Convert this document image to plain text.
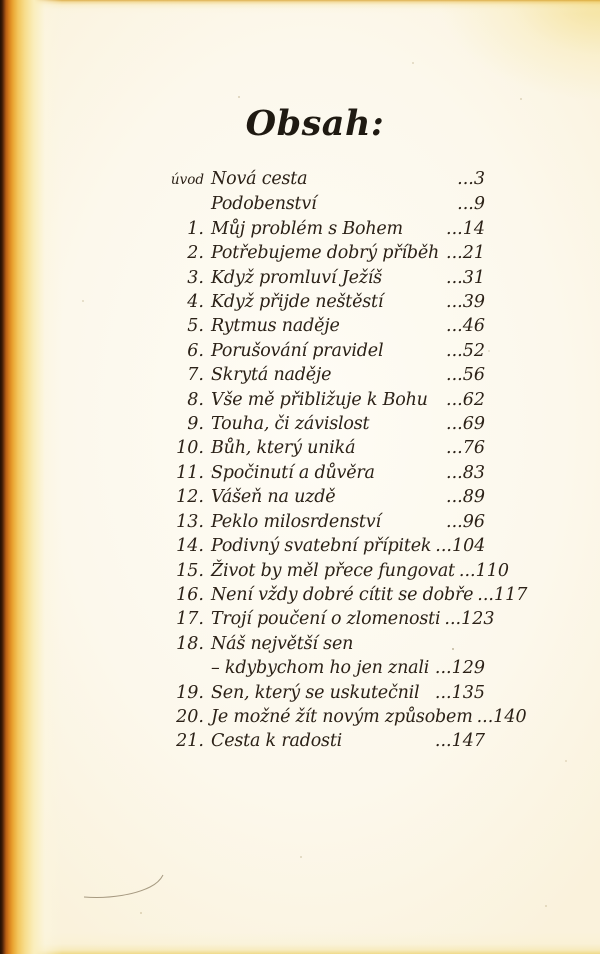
Obsah:
úvod Nová cesta	...3
Podobenství	...9
1. Můj problém s Bohem ...14
2. Potřebujeme dobrý příběh ...21
3. Když promluví Ježíš	...31
4. Když přijde neštěstí	...39
5. Rytmus naděje	...46
6. Porušování pravidel	...52
7. Skrytá naděje	...56
8. Vše mě přibližuje k Bohu ...62
9. Touha, či závislost	...69
10. Bůh, který uniká	...76
11. Spočinutí a důvěra	...83
12. Vášeň na uzdě	...89
13. Peklo milosrdenství	...96
14. Podivný svatební přípitek ...104
15. Život by měl přece fungovat ...110
16. Není vždy dobré cítit se dobře ...117
17. Trojí poučení o zlomenosti ...123
18. Náš největší sen
– kdybychom ho jen znali ...129
19. Sen, který se uskutečnil ...135
20. Je možné žít novým způsobem ...140
21. Cesta k radosti	...147
